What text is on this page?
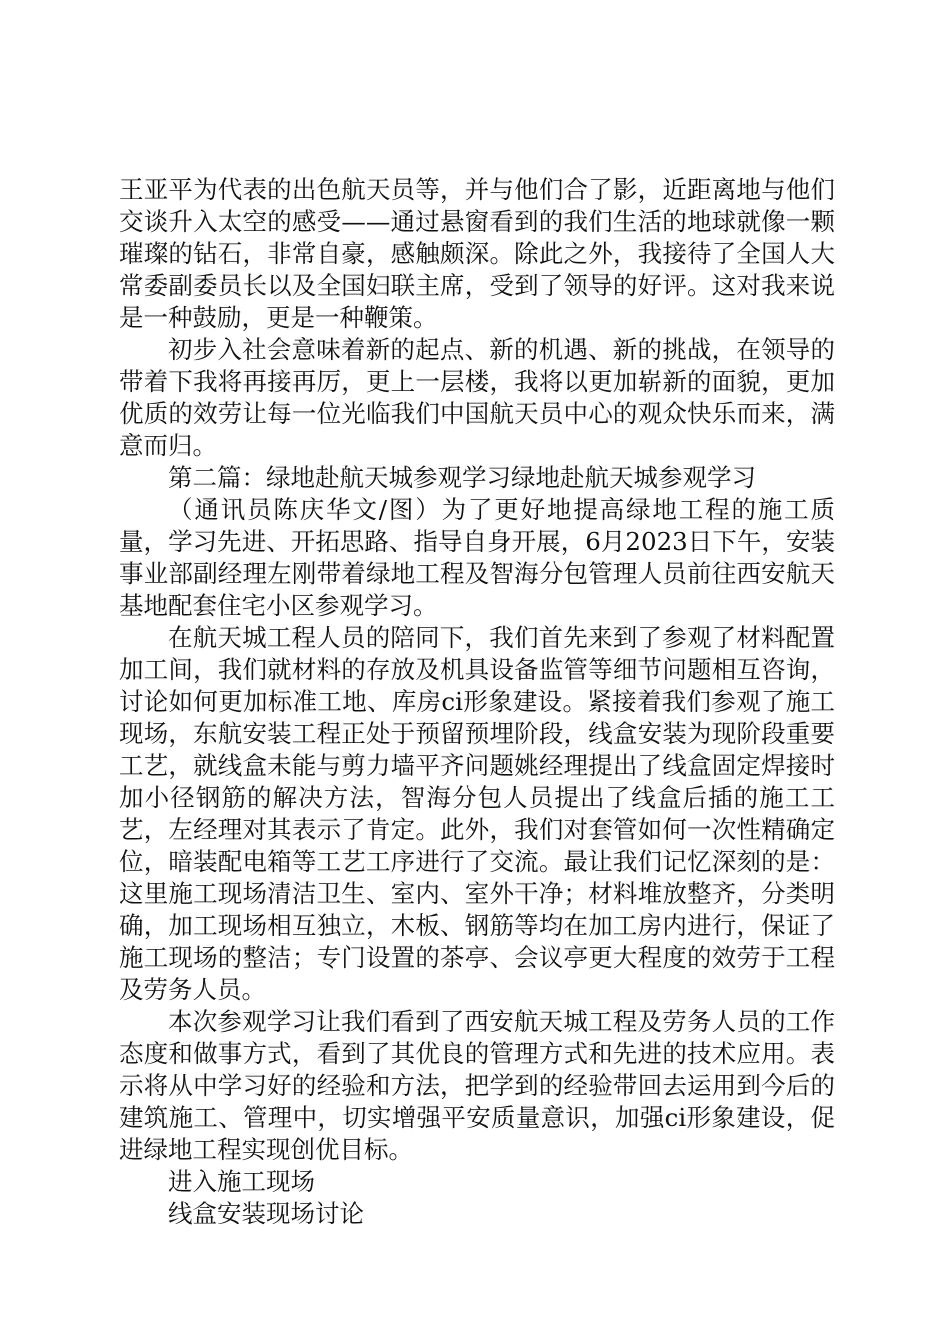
王亚平为代表的出色航天员等，并与他们合了影，近距离地与他们交谈升入太空的感受——通过悬窗看到的我们生活的地球就像一颗璀璨的钻石，非常自豪，感触颇深。除此之外，我接待了全国人大常委副委员长以及全国妇联主席，受到了领导的好评。这对我来说是一种鼓励，更是一种鞭策。

初步入社会意味着新的起点、新的机遇、新的挑战，在领导的带着下我将再接再厉，更上一层楼，我将以更加崭新的面貌，更加优质的效劳让每一位光临我们中国航天员中心的观众快乐而来，满意而归。

第二篇：绿地赴航天城参观学习绿地赴航天城参观学习

（通讯员陈庆华文/图）为了更好地提高绿地工程的施工质量，学习先进、开拓思路、指导自身开展，6月2023日下午，安装事业部副经理左刚带着绿地工程及智海分包管理人员前往西安航天基地配套住宅小区参观学习。

在航天城工程人员的陪同下，我们首先来到了参观了材料配置加工间，我们就材料的存放及机具设备监管等细节问题相互咨询，讨论如何更加标准工地、库房ci形象建设。紧接着我们参观了施工现场，东航安装工程正处于预留预埋阶段，线盒安装为现阶段重要工艺，就线盒未能与剪力墙平齐问题姚经理提出了线盒固定焊接时加小径钢筋的解决方法，智海分包人员提出了线盒后插的施工工艺，左经理对其表示了肯定。此外，我们对套管如何一次性精确定位，暗装配电箱等工艺工序进行了交流。最让我们记忆深刻的是：这里施工现场清洁卫生、室内、室外干净；材料堆放整齐，分类明确，加工现场相互独立，木板、钢筋等均在加工房内进行，保证了施工现场的整洁；专门设置的茶亭、会议亭更大程度的效劳于工程及劳务人员。

本次参观学习让我们看到了西安航天城工程及劳务人员的工作态度和做事方式，看到了其优良的管理方式和先进的技术应用。表示将从中学习好的经验和方法，把学到的经验带回去运用到今后的建筑施工、管理中，切实增强平安质量意识，加强ci形象建设，促进绿地工程实现创优目标。

进入施工现场

线盒安装现场讨论
